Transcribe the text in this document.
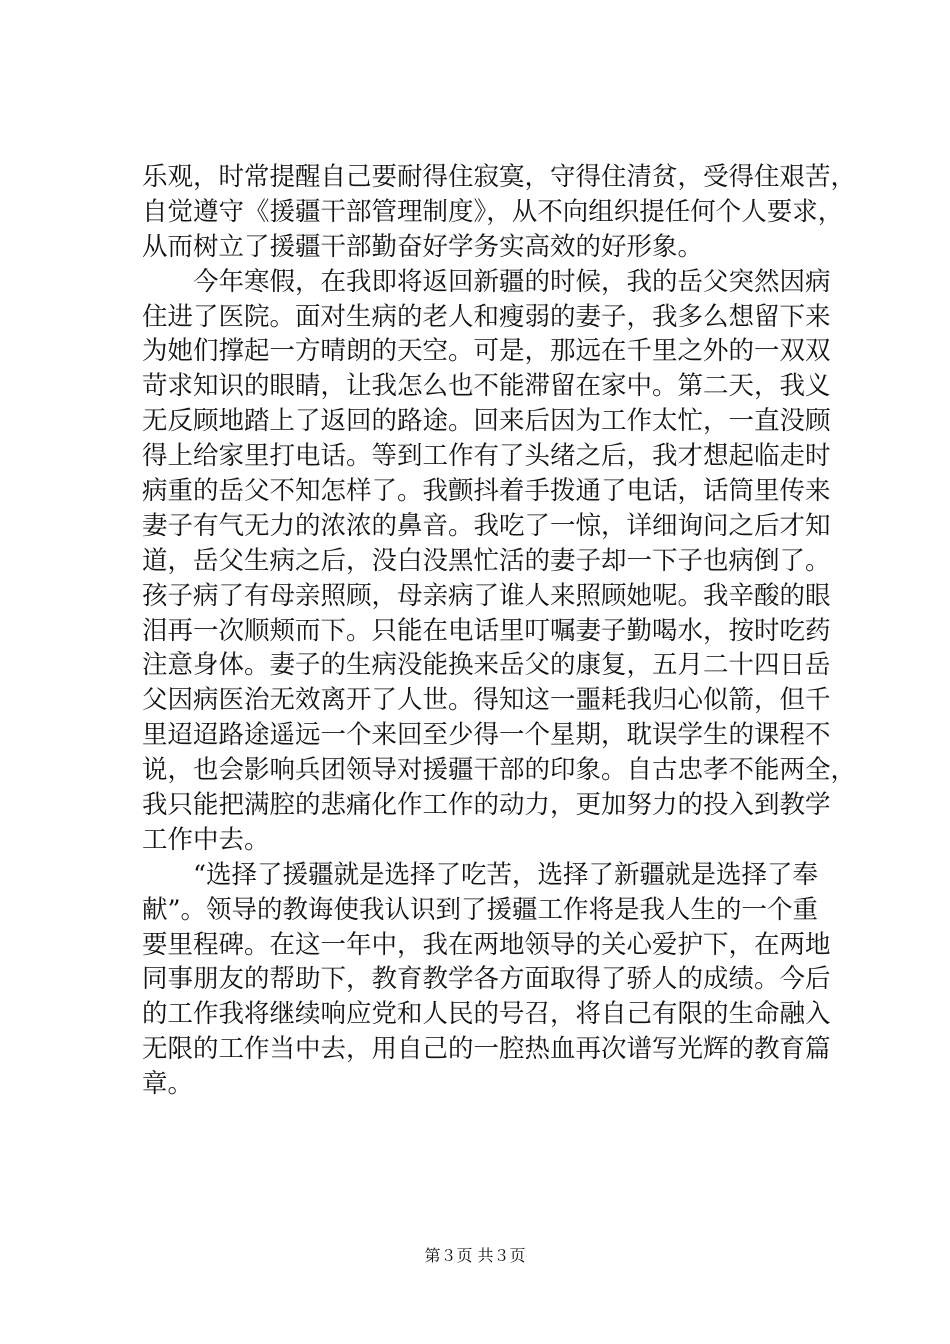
乐观，时常提醒自己要耐得住寂寞，守得住清贫，受得住艰苦，
自觉遵守《援疆干部管理制度》，从不向组织提任何个人要求，
从而树立了援疆干部勤奋好学务实高效的好形象。
今年寒假，在我即将返回新疆的时候，我的岳父突然因病
住进了医院。面对生病的老人和瘦弱的妻子，我多么想留下来
为她们撑起一方晴朗的天空。可是，那远在千里之外的一双双
苛求知识的眼睛，让我怎么也不能滞留在家中。第二天，我义
无反顾地踏上了返回的路途。回来后因为工作太忙，一直没顾
得上给家里打电话。等到工作有了头绪之后，我才想起临走时
病重的岳父不知怎样了。我颤抖着手拨通了电话，话筒里传来
妻子有气无力的浓浓的鼻音。我吃了一惊，详细询问之后才知
道，岳父生病之后，没白没黑忙活的妻子却一下子也病倒了。
孩子病了有母亲照顾，母亲病了谁人来照顾她呢。我辛酸的眼
泪再一次顺颊而下。只能在电话里叮嘱妻子勤喝水，按时吃药
注意身体。妻子的生病没能换来岳父的康复，五月二十四日岳
父因病医治无效离开了人世。得知这一噩耗我归心似箭，但千
里迢迢路途遥远一个来回至少得一个星期，耽误学生的课程不
说，也会影响兵团领导对援疆干部的印象。自古忠孝不能两全，
我只能把满腔的悲痛化作工作的动力，更加努力的投入到教学
工作中去。
“选择了援疆就是选择了吃苦，选择了新疆就是选择了奉
献”。领导的教诲使我认识到了援疆工作将是我人生的一个重
要里程碑。在这一年中，我在两地领导的关心爱护下，在两地
同事朋友的帮助下，教育教学各方面取得了骄人的成绩。今后
的工作我将继续响应党和人民的号召，将自己有限的生命融入
无限的工作当中去，用自己的一腔热血再次谱写光辉的教育篇
章。
第３页 共３页
